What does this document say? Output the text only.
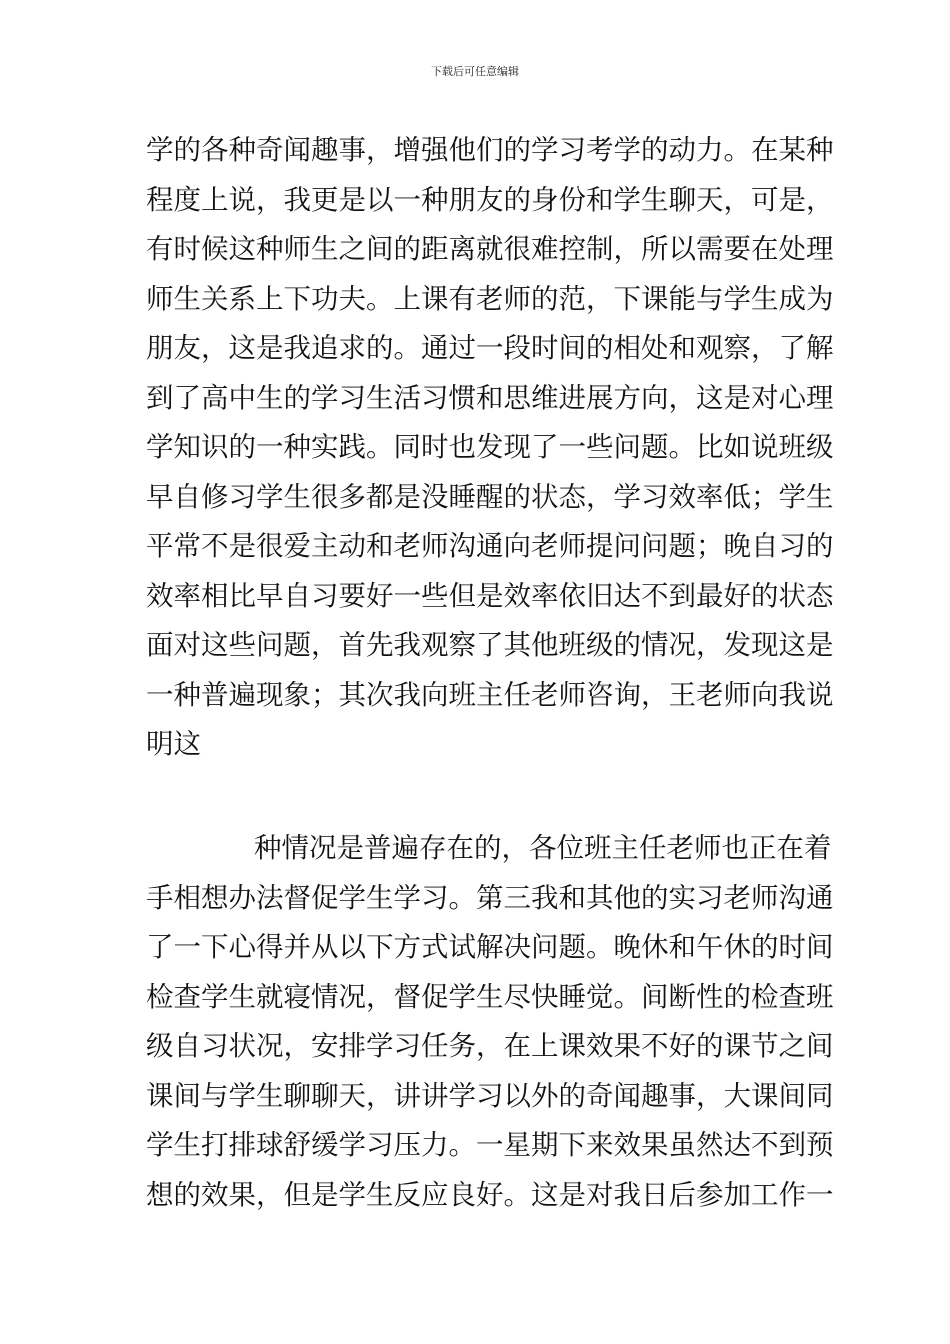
下载后可任意编辑
学的各种奇闻趣事，增强他们的学习考学的动力。在某种
程度上说，我更是以一种朋友的身份和学生聊天，可是，
有时候这种师生之间的距离就很难控制，所以需要在处理
师生关系上下功夫。上课有老师的范，下课能与学生成为
朋友，这是我追求的。通过一段时间的相处和观察，了解
到了高中生的学习生活习惯和思维进展方向，这是对心理
学知识的一种实践。同时也发现了一些问题。比如说班级
早自修习学生很多都是没睡醒的状态，学习效率低；学生
平常不是很爱主动和老师沟通向老师提问问题；晚自习的
效率相比早自习要好一些但是效率依旧达不到最好的状态
面对这些问题，首先我观察了其他班级的情况，发现这是
一种普遍现象；其次我向班主任老师咨询，王老师向我说
明这
种情况是普遍存在的，各位班主任老师也正在着
手相想办法督促学生学习。第三我和其他的实习老师沟通
了一下心得并从以下方式试解决问题。晚休和午休的时间
检查学生就寝情况，督促学生尽快睡觉。间断性的检查班
级自习状况，安排学习任务，在上课效果不好的课节之间
课间与学生聊聊天，讲讲学习以外的奇闻趣事，大课间同
学生打排球舒缓学习压力。一星期下来效果虽然达不到预
想的效果，但是学生反应良好。这是对我日后参加工作一
